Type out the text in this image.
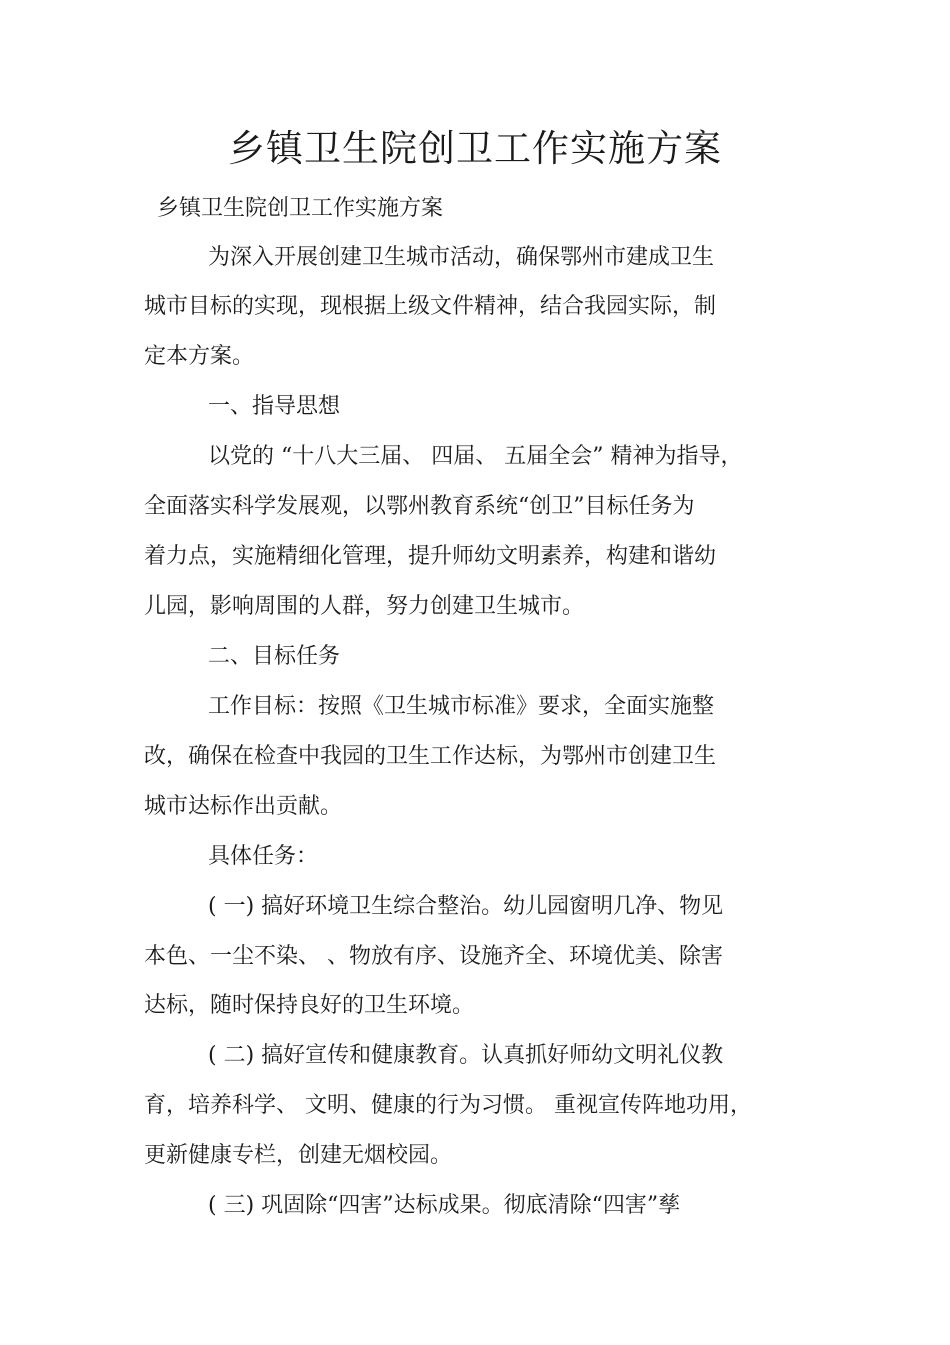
乡镇卫生院创卫工作实施方案
乡镇卫生院创卫工作实施方案
为深入开展创建卫生城市活动，确保鄂州市建成卫生
城市目标的实现，现根据上级文件精神，结合我园实际，制
定本方案。
一、指导思想
以党的 “十八大三届、 四届、 五届全会” 精神为指导，
全面落实科学发展观，以鄂州教育系统“创卫”目标任务为
着力点，实施精细化管理，提升师幼文明素养，构建和谐幼
儿园，影响周围的人群，努力创建卫生城市。
二、目标任务
工作目标：按照《卫生城市标准》要求，全面实施整
改，确保在检查中我园的卫生工作达标，为鄂州市创建卫生
城市达标作出贡献。
具体任务：
( 一) 搞好环境卫生综合整治。幼儿园窗明几净、物见
本色、一尘不染、 、物放有序、设施齐全、环境优美、除害
达标，随时保持良好的卫生环境。
( 二) 搞好宣传和健康教育。认真抓好师幼文明礼仪教
育，培养科学、 文明、健康的行为习惯。 重视宣传阵地功用，
更新健康专栏，创建无烟校园。
( 三) 巩固除“四害”达标成果。彻底清除“四害”孳
